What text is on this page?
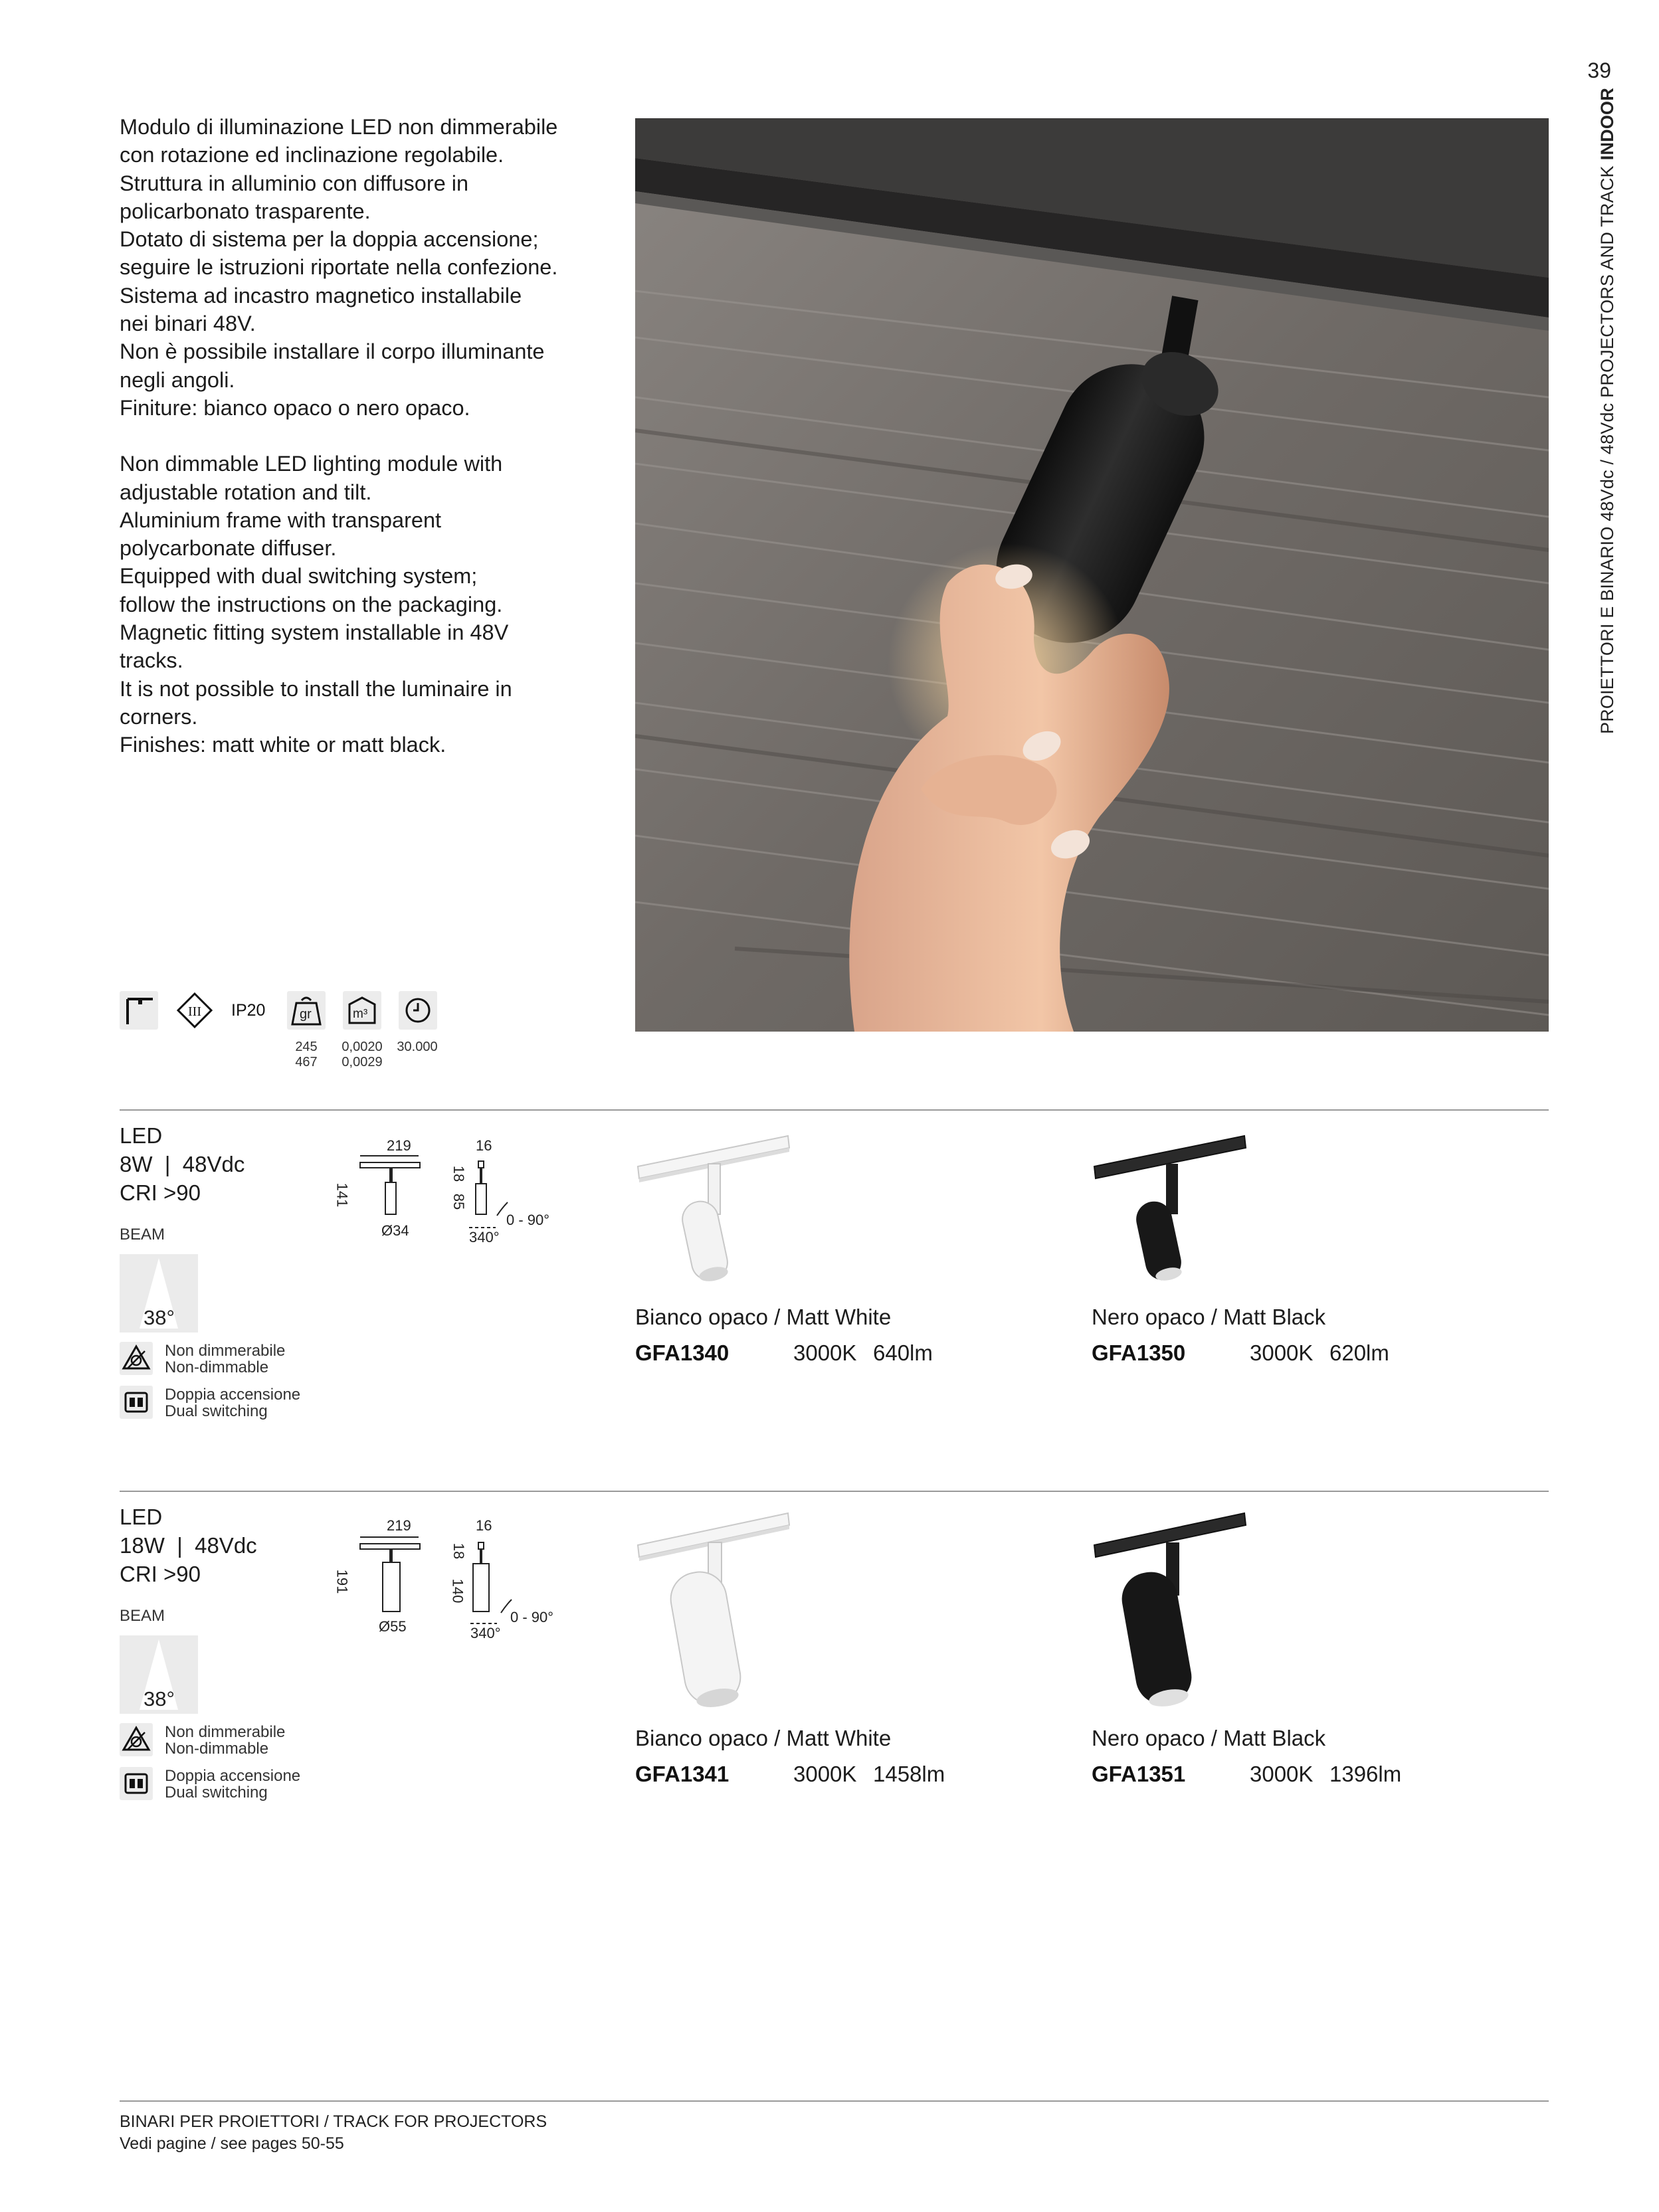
39
PROIETTORI E BINARIO 48Vdc / 48Vdc PROJECTORS AND TRACKINDOOR

Modulo di illuminazione LED non dimmerabile

con rotazione ed inclinazione regolabile.

Struttura in alluminio con diffusore in

policarbonato trasparente.

Dotato di sistema per la doppia accensione;

seguire le istruzioni riportate nella confezione.

Sistema ad incastro magnetico installabile

nei binari 48V.

Non è possibile installare il corpo illuminante

negli angoli.

Finiture: bianco opaco o nero opaco.

Non dimmable LED lighting module with

adjustable rotation and tilt.

Aluminium frame with transparent

polycarbonate diffuser.

Equipped with dual switching system;

follow the instructions on the packaging.

Magnetic fitting system installable in 48V

tracks.

It is not possible to install the luminaire in

corners.

Finishes: matt white or matt black.

III IP20	gr	m³
245
467
0,0020
0,0029
30.000
LED
8W  |  48Vdc
CRI >90
BEAM
38°
Non dimmerabile
Non-dimmable
Doppia accensione
Dual switching
219
141
16
18
85
Ø34
0 - 90°
340°
Bianco opaco / Matt White
GFA1340	3000K 640lm
Nero opaco / Matt Black
GFA1350	3000K 620lm
LED
18W  |  48Vdc
CRI >90
BEAM
38°
Non dimmerabile
Non-dimmable
Doppia accensione
Dual switching
219
191
16
18
140
Ø55
0 - 90°
340°
Bianco opaco / Matt White
GFA1341	3000K 1458lm
Nero opaco / Matt Black
GFA1351	3000K 1396lm
BINARI PER PROIETTORI / TRACK FOR PROJECTORS
Vedi pagine / see pages 50-55
